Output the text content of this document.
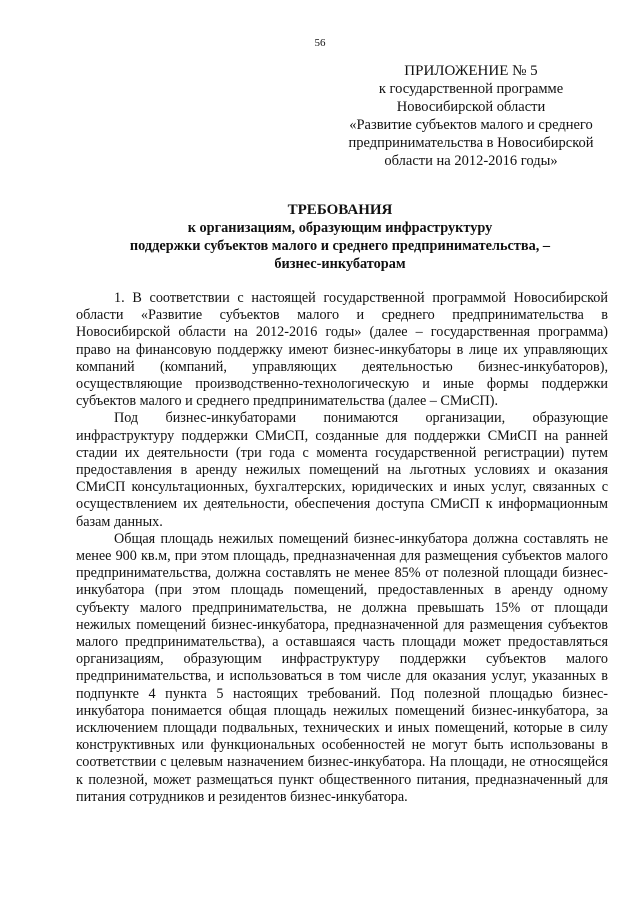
56
ПРИЛОЖЕНИЕ № 5
к государственной программе
Новосибирской области
«Развитие субъектов малого и среднего
предпринимательства в Новосибирской
области на 2012-2016 годы»
ТРЕБОВАНИЯ
к организациям, образующим инфраструктуру
поддержки субъектов малого и среднего предпринимательства, –
бизнес-инкубаторам

1. В соответствии с настоящей государственной программой Новосибирской области «Развитие субъектов малого и среднего предпринимательства в Новосибирской области на 2012-2016 годы» (далее – государственная программа) право на финансовую поддержку имеют бизнес-инкубаторы в лице их управляющих компаний (компаний, управляющих деятельностью бизнес-инкубаторов), осуществляющие производственно-технологическую и иные формы поддержки субъектов малого и среднего предпринимательства (далее – СМиСП).

Под бизнес-инкубаторами понимаются организации, образующие инфраструктуру поддержки СМиСП, созданные для поддержки СМиСП на ранней стадии их деятельности (три года с момента государственной регистрации) путем предоставления в аренду нежилых помещений на льготных условиях и оказания СМиСП консультационных, бухгалтерских, юридических и иных услуг, связанных с осуществлением их деятельности, обеспечения доступа СМиСП к информационным базам данных.

Общая площадь нежилых помещений бизнес-инкубатора должна составлять не менее 900 кв.м, при этом площадь, предназначенная для размещения субъектов малого предпринимательства, должна составлять не менее 85% от полезной площади бизнес-инкубатора (при этом площадь помещений, предоставленных в аренду одному субъекту малого предпринимательства, не должна превышать 15% от площади нежилых помещений бизнес-инкубатора, предназначенной для размещения субъектов малого предпринимательства), а оставшаяся часть площади может предоставляться организациям, образующим инфраструктуру поддержки субъектов малого предпринимательства, и использоваться в том числе для оказания услуг, указанных в подпункте 4 пункта 5 настоящих требований. Под полезной площадью бизнес-инкубатора понимается общая площадь нежилых помещений бизнес-инкубатора, за исключением площади подвальных, технических и иных помещений, которые в силу конструктивных или функциональных особенностей не могут быть использованы в соответствии с целевым назначением бизнес-инкубатора. На площади, не относящейся к полезной, может размещаться пункт общественного питания, предназначенный для питания сотрудников и резидентов бизнес-инкубатора.
